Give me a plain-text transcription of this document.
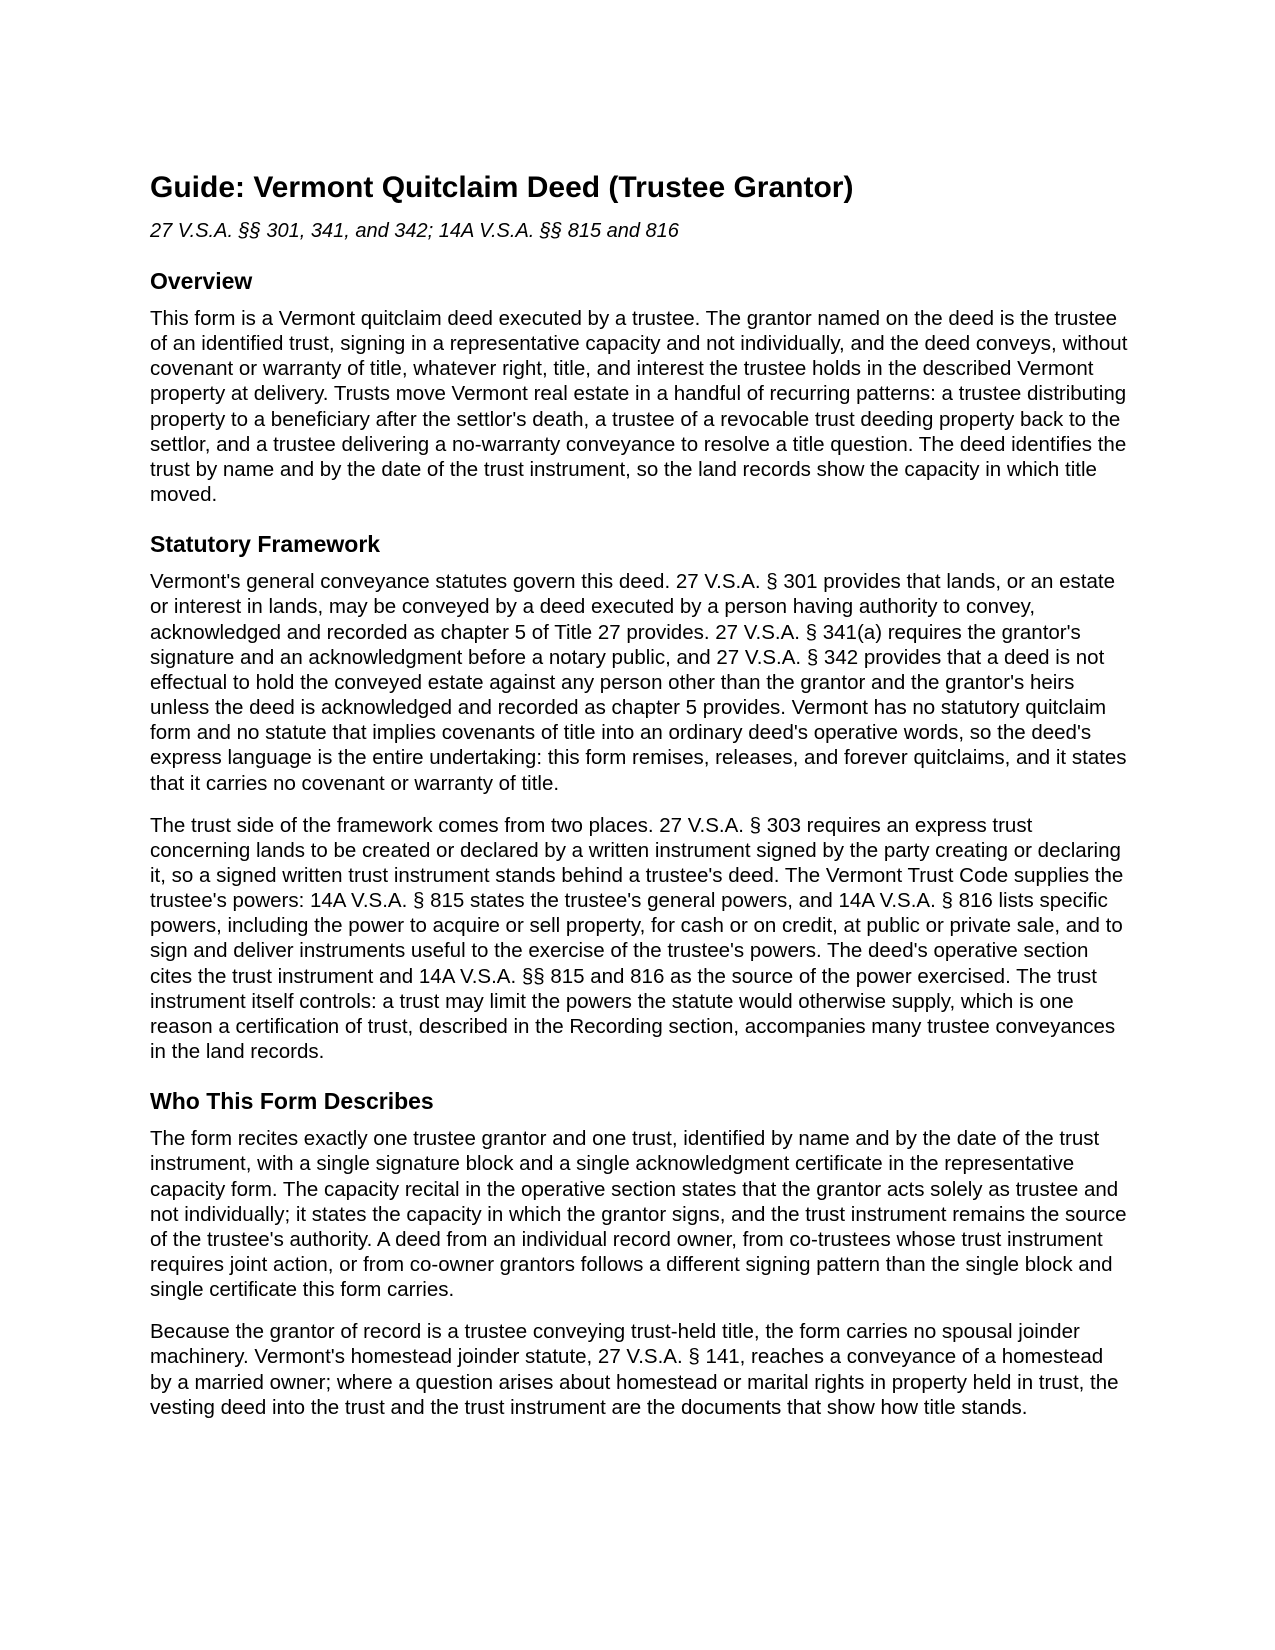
Guide: Vermont Quitclaim Deed (Trustee Grantor)

27 V.S.A. §§ 301, 341, and 342; 14A V.S.A. §§ 815 and 816

Overview

This form is a Vermont quitclaim deed executed by a trustee. The grantor named on the deed is the trustee of an identified trust, signing in a representative capacity and not individually, and the deed conveys, without covenant or warranty of title, whatever right, title, and interest the trustee holds in the described Vermont property at delivery. Trusts move Vermont real estate in a handful of recurring patterns: a trustee distributing property to a beneficiary after the settlor's death, a trustee of a revocable trust deeding property back to the settlor, and a trustee delivering a no-warranty conveyance to resolve a title question. The deed identifies the trust by name and by the date of the trust instrument, so the land records show the capacity in which title moved.

Statutory Framework

Vermont's general conveyance statutes govern this deed. 27 V.S.A. § 301 provides that lands, or an estate or interest in lands, may be conveyed by a deed executed by a person having authority to convey, acknowledged and recorded as chapter 5 of Title 27 provides. 27 V.S.A. § 341(a) requires the grantor's signature and an acknowledgment before a notary public, and 27 V.S.A. § 342 provides that a deed is not effectual to hold the conveyed estate against any person other than the grantor and the grantor's heirs unless the deed is acknowledged and recorded as chapter 5 provides. Vermont has no statutory quitclaim form and no statute that implies covenants of title into an ordinary deed's operative words, so the deed's express language is the entire undertaking: this form remises, releases, and forever quitclaims, and it states that it carries no covenant or warranty of title.

The trust side of the framework comes from two places. 27 V.S.A. § 303 requires an express trust concerning lands to be created or declared by a written instrument signed by the party creating or declaring it, so a signed written trust instrument stands behind a trustee's deed. The Vermont Trust Code supplies the trustee's powers: 14A V.S.A. § 815 states the trustee's general powers, and 14A V.S.A. § 816 lists specific powers, including the power to acquire or sell property, for cash or on credit, at public or private sale, and to sign and deliver instruments useful to the exercise of the trustee's powers. The deed's operative section cites the trust instrument and 14A V.S.A. §§ 815 and 816 as the source of the power exercised. The trust instrument itself controls: a trust may limit the powers the statute would otherwise supply, which is one reason a certification of trust, described in the Recording section, accompanies many trustee conveyances in the land records.

Who This Form Describes

The form recites exactly one trustee grantor and one trust, identified by name and by the date of the trust instrument, with a single signature block and a single acknowledgment certificate in the representative capacity form. The capacity recital in the operative section states that the grantor acts solely as trustee and not individually; it states the capacity in which the grantor signs, and the trust instrument remains the source of the trustee's authority. A deed from an individual record owner, from co-trustees whose trust instrument requires joint action, or from co-owner grantors follows a different signing pattern than the single block and single certificate this form carries.

Because the grantor of record is a trustee conveying trust-held title, the form carries no spousal joinder machinery. Vermont's homestead joinder statute, 27 V.S.A. § 141, reaches a conveyance of a homestead by a married owner; where a question arises about homestead or marital rights in property held in trust, the vesting deed into the trust and the trust instrument are the documents that show how title stands.
